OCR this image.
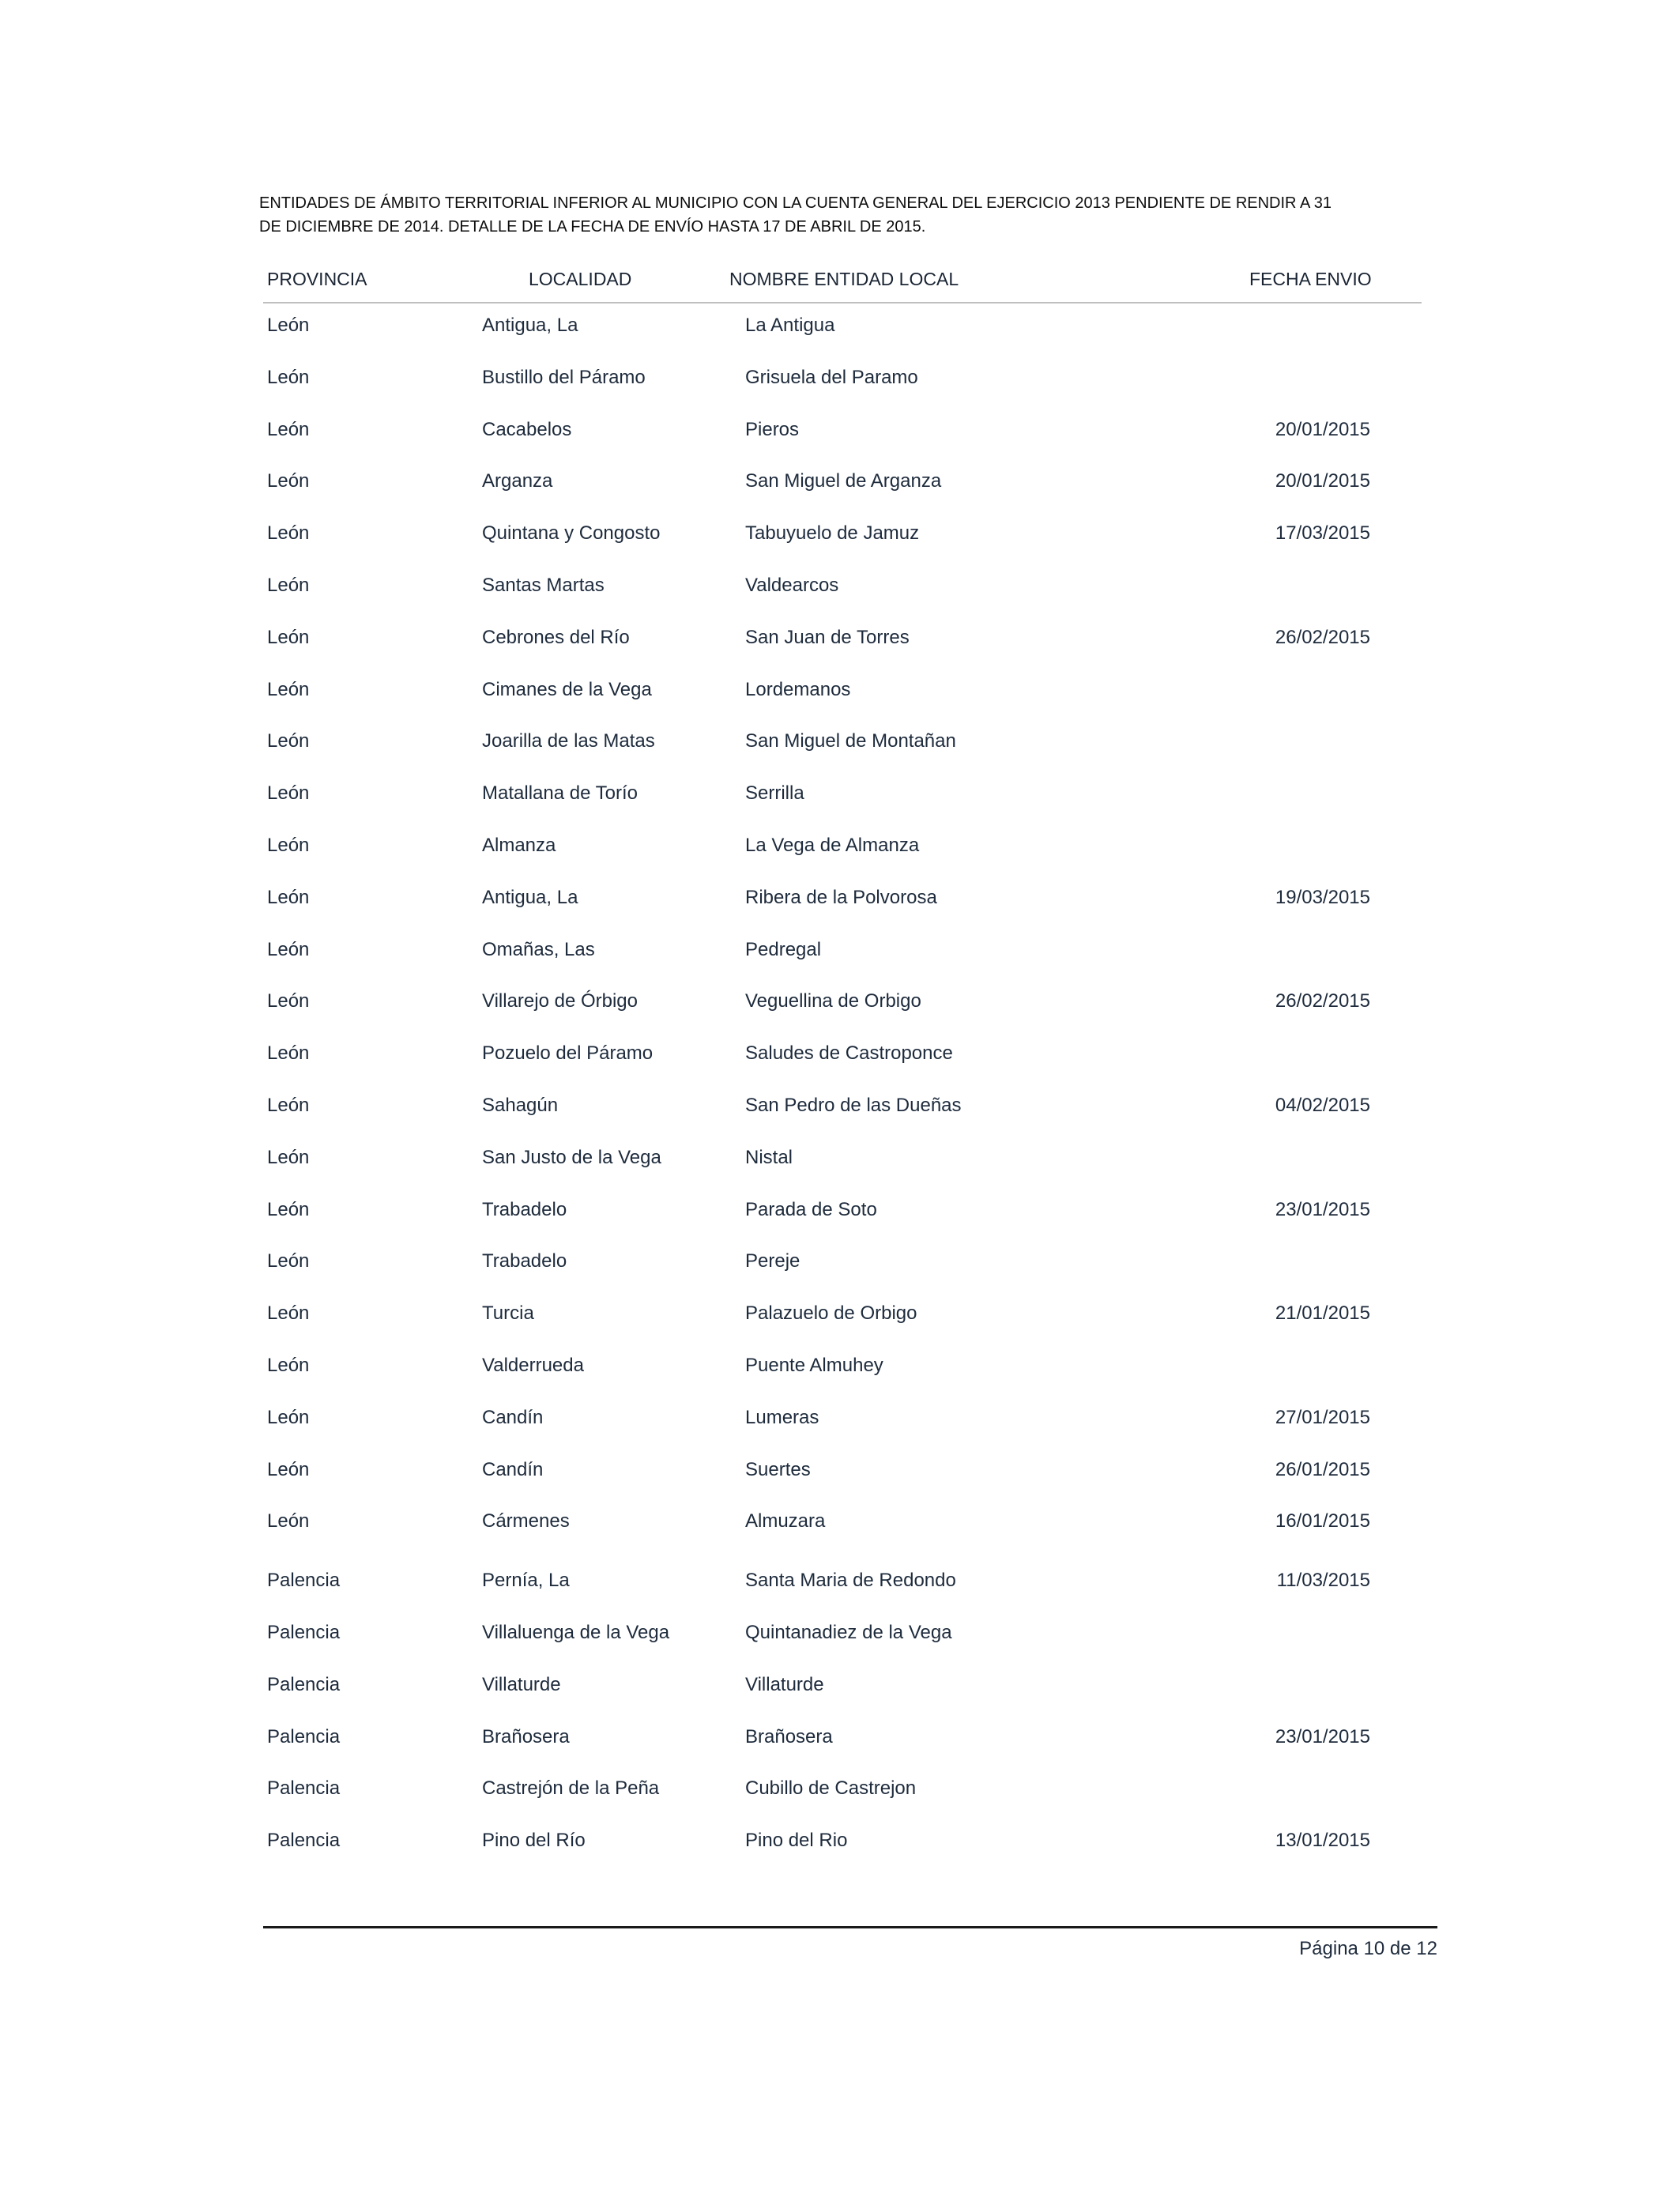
ENTIDADES DE ÁMBITO TERRITORIAL INFERIOR AL MUNICIPIO CON LA CUENTA GENERAL DEL EJERCICIO 2013 PENDIENTE DE RENDIR A 31
DE DICIEMBRE DE 2014. DETALLE DE LA FECHA DE ENVÍO HASTA 17 DE ABRIL DE 2015.
PROVINCIA	LOCALIDAD	NOMBRE ENTIDAD LOCAL	FECHA ENVIO
León	Antigua, La	La Antigua
León	Bustillo del Páramo	Grisuela del Paramo
León	Cacabelos	Pieros	20/01/2015
León	Arganza	San Miguel de Arganza	20/01/2015
León	Quintana y Congosto	Tabuyuelo de Jamuz	17/03/2015
León	Santas Martas	Valdearcos
León	Cebrones del Río	San Juan de Torres	26/02/2015
León	Cimanes de la Vega	Lordemanos
León	Joarilla de las Matas	San Miguel de Montañan
León	Matallana de Torío	Serrilla
León	Almanza	La Vega de Almanza
León	Antigua, La	Ribera de la Polvorosa	19/03/2015
León	Omañas, Las	Pedregal
León	Villarejo de Órbigo	Veguellina de Orbigo	26/02/2015
León	Pozuelo del Páramo	Saludes de Castroponce
León	Sahagún	San Pedro de las Dueñas	04/02/2015
León	San Justo de la Vega	Nistal
León	Trabadelo	Parada de Soto	23/01/2015
León	Trabadelo	Pereje
León	Turcia	Palazuelo de Orbigo	21/01/2015
León	Valderrueda	Puente Almuhey
León	Candín	Lumeras	27/01/2015
León	Candín	Suertes	26/01/2015
León	Cármenes	Almuzara	16/01/2015
Palencia	Pernía, La	Santa Maria de Redondo	11/03/2015
Palencia	Villaluenga de la Vega	Quintanadiez de la Vega
Palencia	Villaturde	Villaturde
Palencia	Brañosera	Brañosera	23/01/2015
Palencia	Castrejón de la Peña	Cubillo de Castrejon
Palencia	Pino del Río	Pino del Rio	13/01/2015
Página 10 de 12
